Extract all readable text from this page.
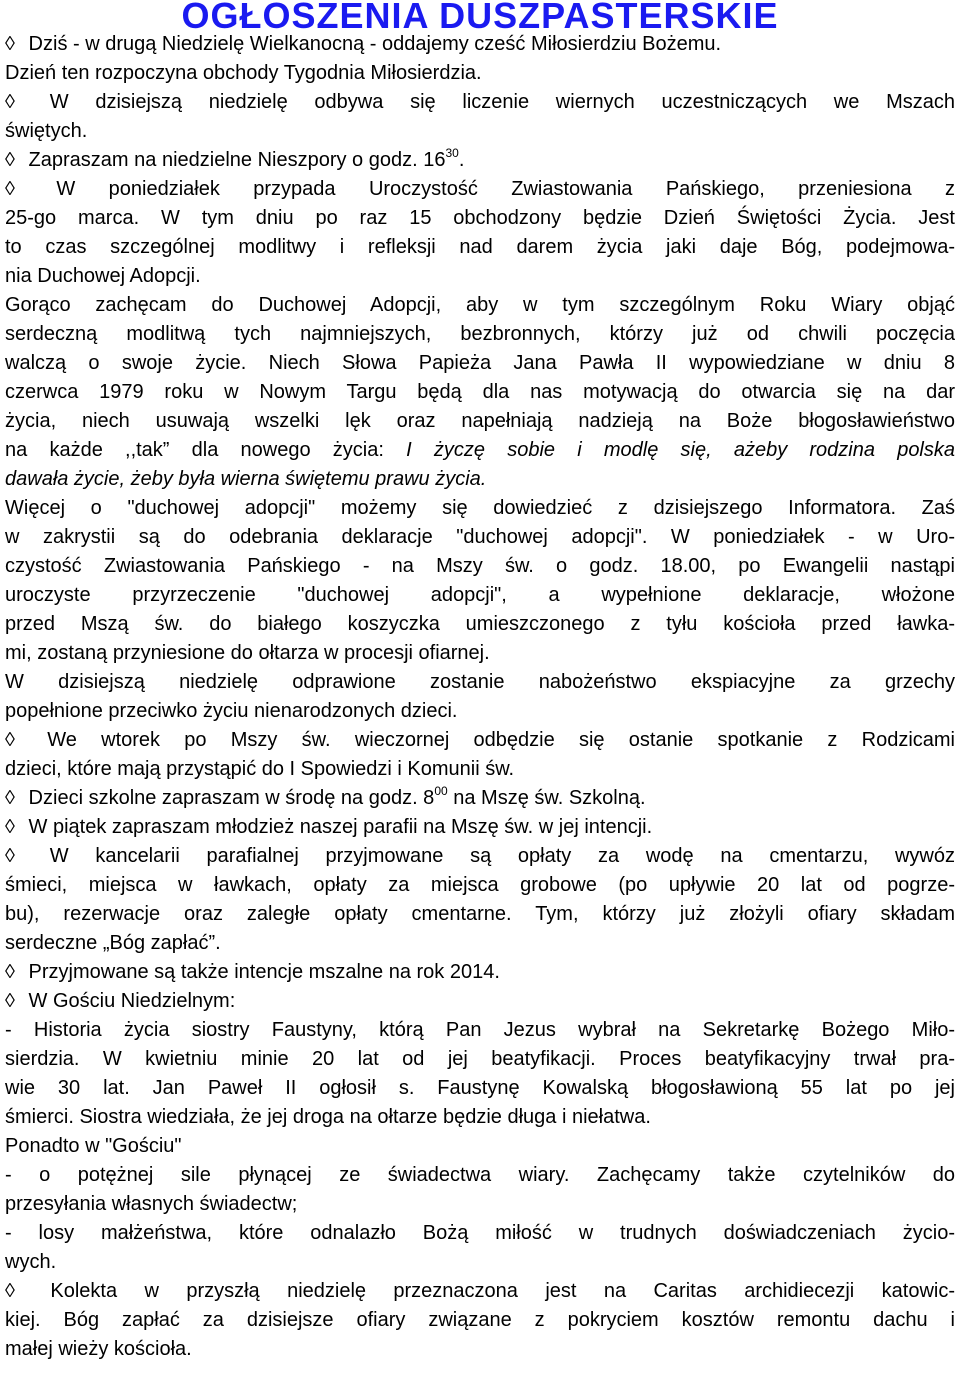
OGŁOSZENIA DUSZPASTERSKIE
◊ Dziś - w drugą Niedzielę Wielkanocną - oddajemy cześć Miłosierdziu Bożemu.
Dzień ten rozpoczyna obchody Tygodnia Miłosierdzia.
◊ W dzisiejszą niedzielę odbywa się liczenie wiernych uczestniczących we Mszach
świętych.
◊ Zapraszam na niedzielne Nieszpory o godz. $16^{30}$.
◊ W poniedziałek przypada Uroczystość Zwiastowania Pańskiego, przeniesiona z
25-go marca. W tym dniu po raz 15 obchodzony będzie Dzień Świętości Życia. Jest
to czas szczególnej modlitwy i refleksji nad darem życia jaki daje Bóg, podejmowa-
nia Duchowej Adopcji.
Gorąco zachęcam do Duchowej Adopcji, aby w tym szczególnym Roku Wiary objąć
serdeczną modlitwą tych najmniejszych, bezbronnych, którzy już od chwili poczęcia
walczą o swoje życie. Niech Słowa Papieża Jana Pawła II wypowiedziane w dniu 8
czerwca 1979 roku w Nowym Targu będą dla nas motywacją do otwarcia się na dar
życia, niech usuwają wszelki lęk oraz napełniają nadzieją na Boże błogosławieństwo
na każde ,,tak” dla nowego życia: I życzę sobie i modlę się, ażeby rodzina polska
dawała życie, żeby była wierna świętemu prawu życia.
Więcej o "duchowej adopcji" możemy się dowiedzieć z dzisiejszego Informatora. Zaś
w zakrystii są do odebrania deklaracje "duchowej adopcji". W poniedziałek - w Uro-
czystość Zwiastowania Pańskiego - na Mszy św. o godz. 18.00, po Ewangelii nastąpi
uroczyste przyrzeczenie "duchowej adopcji", a wypełnione deklaracje, włożone
przed Mszą św. do białego koszyczka umieszczonego z tyłu kościoła przed ławka-
mi, zostaną przyniesione do ołtarza w procesji ofiarnej.
W dzisiejszą niedzielę odprawione zostanie nabożeństwo ekspiacyjne za grzechy
popełnione przeciwko życiu nienarodzonych dzieci.
◊ We wtorek po Mszy św. wieczornej odbędzie się ostanie spotkanie z Rodzicami
dzieci, które mają przystąpić do I Spowiedzi i Komunii św.
◊ Dzieci szkolne zapraszam w środę na godz. $8^{00}$ na Mszę św. Szkolną.
◊ W piątek zapraszam młodzież naszej parafii na Mszę św. w jej intencji.
◊ W kancelarii parafialnej przyjmowane są opłaty za wodę na cmentarzu, wywóz
śmieci, miejsca w ławkach, opłaty za miejsca grobowe (po upływie 20 lat od pogrze-
bu), rezerwacje oraz zaległe opłaty cmentarne. Tym, którzy już złożyli ofiary składam
serdeczne „Bóg zapłać”.
◊ Przyjmowane są także intencje mszalne na rok 2014.
◊ W Gościu Niedzielnym:
- Historia życia siostry Faustyny, którą Pan Jezus wybrał na Sekretarkę Bożego Miło-
sierdzia. W kwietniu minie 20 lat od jej beatyfikacji. Proces beatyfikacyjny trwał pra-
wie 30 lat. Jan Paweł II ogłosił s. Faustynę Kowalską błogosławioną 55 lat po jej
śmierci. Siostra wiedziała, że jej droga na ołtarze będzie długa i niełatwa.
Ponadto w "Gościu"
- o potężnej sile płynącej ze świadectwa wiary. Zachęcamy także czytelników do
przesyłania własnych świadectw;
- losy małżeństwa, które odnalazło Bożą miłość w trudnych doświadczeniach życio-
wych.
◊ Kolekta w przyszłą niedzielę przeznaczona jest na Caritas archidiecezji katowic-
kiej. Bóg zapłać za dzisiejsze ofiary związane z pokryciem kosztów remontu dachu i
małej wieży kościoła.
